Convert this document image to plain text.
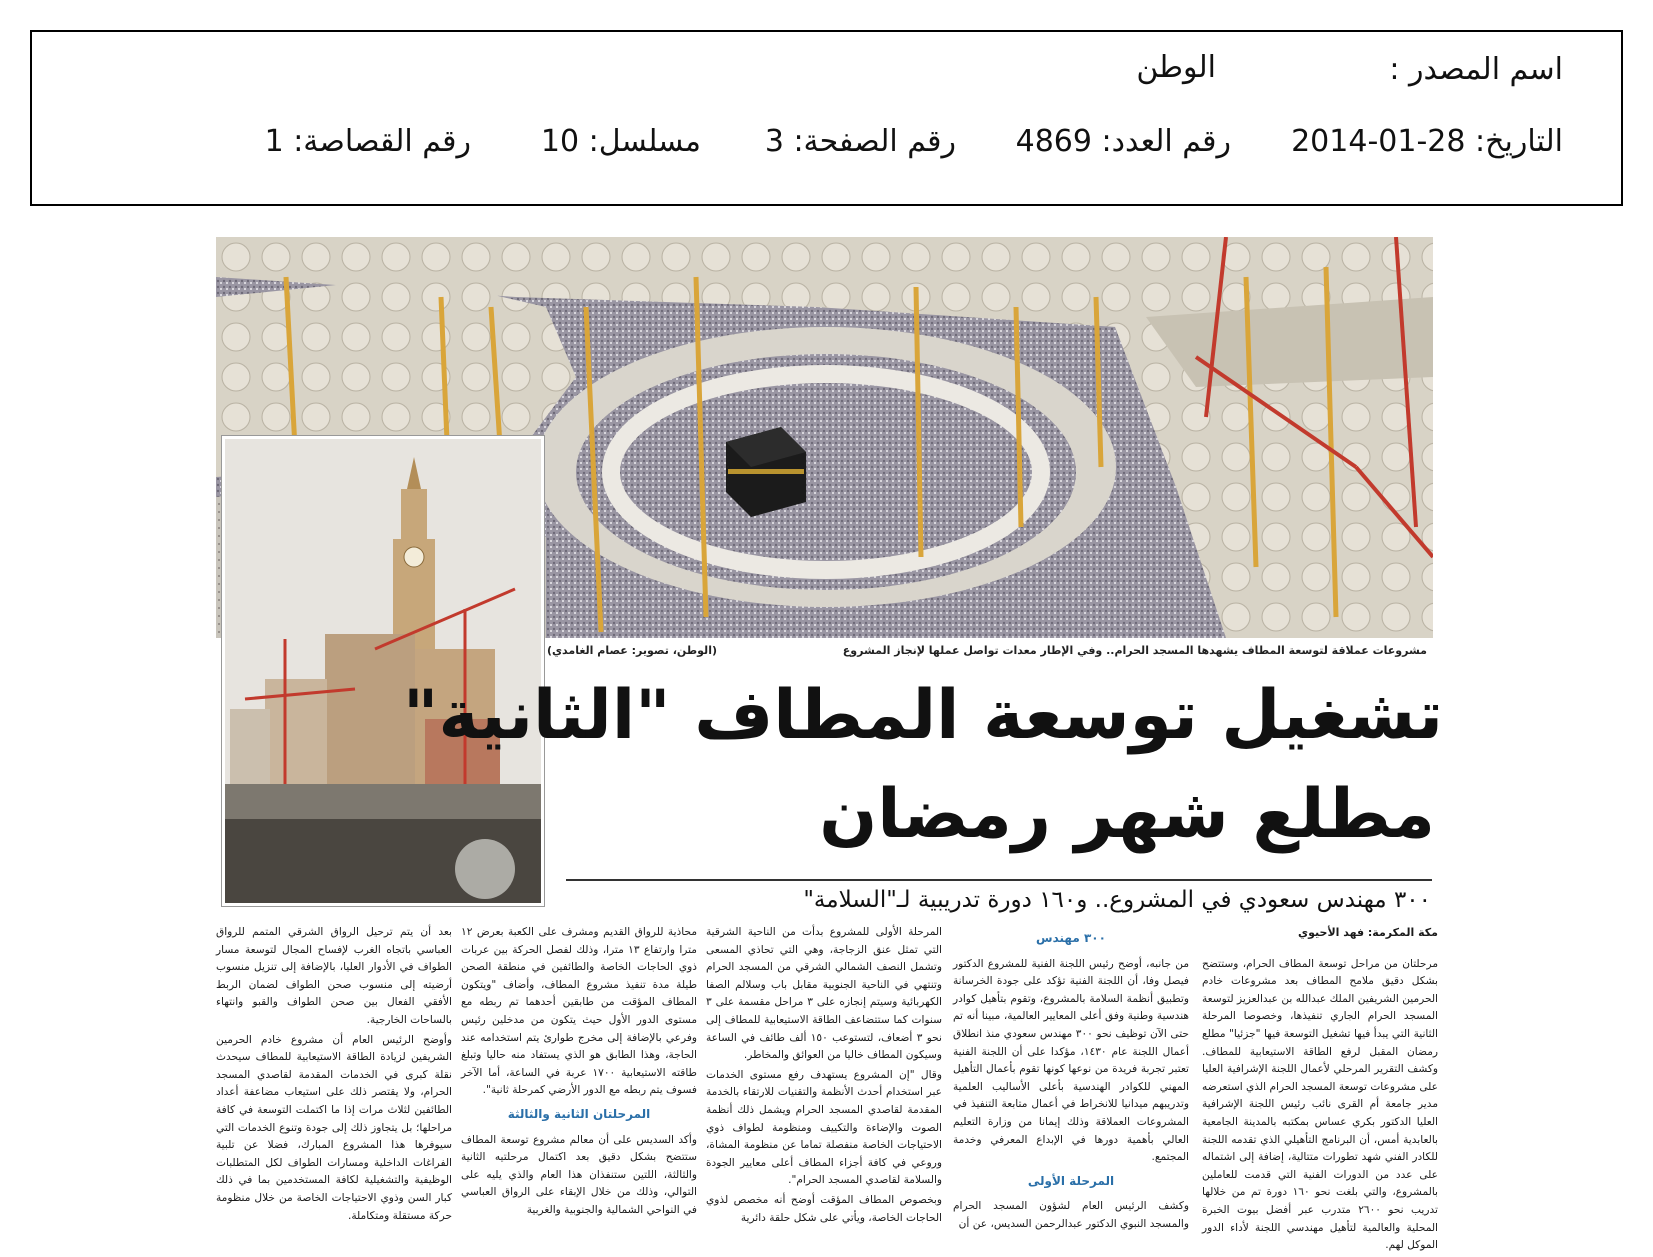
اسم المصدر :
الوطن
التاريخ: 28-01-2014
رقم العدد: 4869
رقم الصفحة: 3
مسلسل: 10
رقم القصاصة: 1
مشروعات عملاقة لتوسعة المطاف يشهدها المسجد الحرام.. وفي الإطار معدات تواصل عملها لإنجاز المشروع
(الوطن، تصوير: عصام الغامدي)
تشغيل توسعة المطاف "الثانية"
مطلع شهر رمضان
٣٠٠ مهندس سعودي في المشروع.. و١٦٠ دورة تدريبية لـ"السلامة"
مكة المكرمة: فهد الأحيوي

مرحلتان من مراحل توسعة المطاف الحرام، وستتضح بشكل دقيق ملامح المطاف بعد مشروعات خادم الحرمين الشريفين الملك عبدالله بن عبدالعزيز لتوسعة المسجد الحرام الجاري تنفيذها، وخصوصا المرحلة الثانية التي يبدأ فيها تشغيل التوسعة فيها "جزئيا" مطلع رمضان المقبل لرفع الطاقة الاستيعابية للمطاف. وكشف التقرير المرحلي لأعمال اللجنة الإشرافية العليا على مشروعات توسعة المسجد الحرام الذي استعرضه مدير جامعة أم القرى نائب رئيس اللجنة الإشرافية العليا الدكتور بكري عساس بمكتبه بالمدينة الجامعية بالعابدية أمس، أن البرنامج التأهيلي الذي تقدمه اللجنة للكادر الفني شهد تطورات متتالية، إضافة إلى اشتماله على عدد من الدورات الفنية التي قدمت للعاملين بالمشروع، والتي بلغت نحو ١٦٠ دورة تم من خلالها تدريب نحو ٢٦٠٠ متدرب عبر أفضل بيوت الخبرة المحلية والعالمية لتأهيل مهندسي اللجنة لأداء الدور الموكل لهم.

٣٠٠ مهندس

من جانبه، أوضح رئيس اللجنة الفنية للمشروع الدكتور فيصل وفا، أن اللجنة الفنية تؤكد على جودة الخرسانة وتطبيق أنظمة السلامة بالمشروع، وتقوم بتأهيل كوادر هندسية وطنية وفق أعلى المعايير العالمية، مبينا أنه تم حتى الآن توظيف نحو ٣٠٠ مهندس سعودي منذ انطلاق أعمال اللجنة عام ١٤٣٠، مؤكدا على أن اللجنة الفنية تعتبر تجربة فريدة من نوعها كونها تقوم بأعمال التأهيل المهني للكوادر الهندسية بأعلى الأساليب العلمية وتدريبهم ميدانيا للانخراط في أعمال متابعة التنفيذ في المشروعات العملاقة وذلك إيمانا من وزارة التعليم العالي بأهمية دورها في الإبداع المعرفي وخدمة المجتمع.

المرحلة الأولى

وكشف الرئيس العام لشؤون المسجد الحرام والمسجد النبوي الدكتور عبدالرحمن السديس، عن أن

المرحلة الأولى للمشروع بدأت من الناحية الشرقية التي تمثل عنق الزجاجة، وهي التي تحاذي المسعى وتشمل النصف الشمالي الشرقي من المسجد الحرام وتنتهي في الناحية الجنوبية مقابل باب وسلالم الصفا الكهربائية وسيتم إنجازه على ٣ مراحل مقسمة على ٣ سنوات كما ستتضاعف الطاقة الاستيعابية للمطاف إلى نحو ٣ أضعاف، لتستوعب ١٥٠ ألف طائف في الساعة وسيكون المطاف خاليا من العوائق والمخاطر.

وقال "إن المشروع يستهدف رفع مستوى الخدمات عبر استخدام أحدث الأنظمة والتقنيات للارتقاء بالخدمة المقدمة لقاصدي المسجد الحرام ويشمل ذلك أنظمة الصوت والإضاءة والتكييف ومنظومة لطواف ذوي الاحتياجات الخاصة منفصلة تماما عن منظومة المشاة، وروعي في كافة أجزاء المطاف أعلى معايير الجودة والسلامة لقاصدي المسجد الحرام".

وبخصوص المطاف المؤقت أوضح أنه مخصص لذوي الحاجات الخاصة، ويأتي على شكل حلقة دائرية

محاذية للرواق القديم ومشرف على الكعبة بعرض ١٢ مترا وارتفاع ١٣ مترا، وذلك لفصل الحركة بين عربات ذوي الحاجات الخاصة والطائفين في منطقة الصحن طيلة مدة تنفيذ مشروع المطاف، وأضاف "ويتكون المطاف المؤقت من طابقين أحدهما تم ربطه مع مستوى الدور الأول حيث يتكون من مدخلين رئيس وفرعي بالإضافة إلى مخرج طوارئ يتم استخدامه عند الحاجة، وهذا الطابق هو الذي يستفاد منه حاليا وتبلغ طاقته الاستيعابية ١٧٠٠ عربة في الساعة، أما الآخر فسوف يتم ربطه مع الدور الأرضي كمرحلة ثانية".

المرحلتان الثانية والثالثة

وأكد السديس على أن معالم مشروع توسعة المطاف ستتضح بشكل دقيق بعد اكتمال مرحلتيه الثانية والثالثة، اللتين ستنفذان هذا العام والذي يليه على التوالي، وذلك من خلال الإبقاء على الرواق العباسي في النواحي الشمالية والجنوبية والغربية

بعد أن يتم ترحيل الرواق الشرقي المتمم للرواق العباسي باتجاه الغرب لإفساح المجال لتوسعة مسار الطواف في الأدوار العليا، بالإضافة إلى تنزيل منسوب أرضيته إلى منسوب صحن الطواف لضمان الربط الأفقي الفعال بين صحن الطواف والقبو وانتهاء بالساحات الخارجية.

وأوضح الرئيس العام أن مشروع خادم الحرمين الشريفين لزيادة الطاقة الاستيعابية للمطاف سيحدث نقلة كبرى في الخدمات المقدمة لقاصدي المسجد الحرام، ولا يقتصر ذلك على استيعاب مضاعفة أعداد الطائفين لثلاث مرات إذا ما اكتملت التوسعة في كافة مراحلها؛ بل يتجاوز ذلك إلى جودة وتنوع الخدمات التي سيوفرها هذا المشروع المبارك، فضلا عن تلبية الفراغات الداخلية ومسارات الطواف لكل المتطلبات الوظيفية والتشغيلية لكافة المستخدمين بما في ذلك كبار السن وذوي الاحتياجات الخاصة من خلال منظومة حركة مستقلة ومتكاملة.
